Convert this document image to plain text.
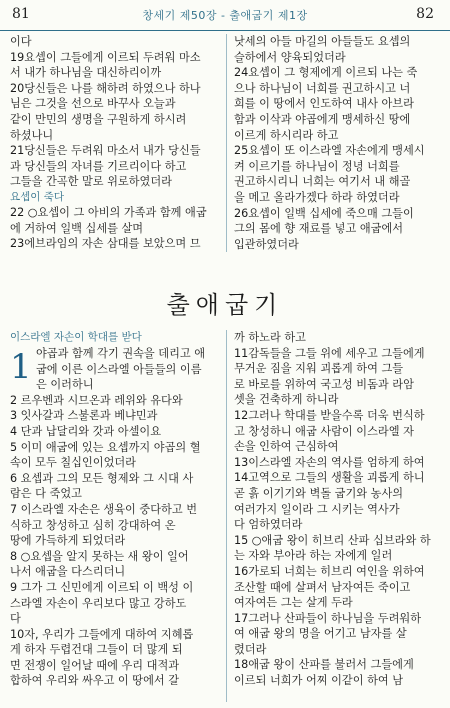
81	창세기 제50장 - 출애굽기 제1장	82
이다
19요셉이 그들에게 이르되 두려워 마소
서 내가 하나님을 대신하리이까
20당신들은 나를 해하려 하였으나 하나
님은 그것을 선으로 바꾸사 오늘과
같이 만민의 생명을 구원하게 하시려
하셨나니
21당신들은 두려워 마소서 내가 당신들
과 당신들의 자녀를 기르리이다 하고
그들을 간곡한 말로 위로하였더라
요셉이 죽다
22 ○요셉이 그 아비의 가족과 함께 애굽
에 거하여 일백 십세를 살며
23에브라임의 자손 삼대를 보았으며 므
낫세의 아들 마길의 아들들도 요셉의
슬하에서 양육되었더라
24요셉이 그 형제에게 이르되 나는 죽
으나 하나님이 너희를 권고하시고 너
희를 이 땅에서 인도하여 내사 아브라
함과 이삭과 야곱에게 맹세하신 땅에
이르게 하시리라 하고
25요셉이 또 이스라엘 자손에게 맹세시
켜 이르기를 하나님이 정녕 너희를
권고하시리니 너희는 여기서 내 해골
을 메고 올라가겠다 하라 하였더라
26요셉이 일백 십세에 죽으매 그들이
그의 몸에 향 재료를 넣고 애굽에서
입관하였더라
출애굽기
이스라엘 자손이 학대를 받다
1 야곱과 함께 각기 권속을 데리고 애
굽에 이른 이스라엘 아들들의 이름
은 이러하니
2 르우벤과 시므온과 레위와 유다와
3 잇사갈과 스불론과 베냐민과
4 단과 납달리와 갓과 아셀이요
5 이미 애굽에 있는 요셉까지 야곱의 혈
속이 모두 칠십인이었더라
6 요셉과 그의 모든 형제와 그 시대 사
람은 다 죽었고
7 이스라엘 자손은 생육이 중다하고 번
식하고 창성하고 심히 강대하여 온
땅에 가득하게 되었더라
8 ○요셉을 알지 못하는 새 왕이 일어
나서 애굽을 다스리더니
9 그가 그 신민에게 이르되 이 백성 이
스라엘 자손이 우리보다 많고 강하도
다
10자, 우리가 그들에게 대하여 지혜롭
게 하자 두렵건대 그들이 더 많게 되
면 전쟁이 일어날 때에 우리 대적과
합하여 우리와 싸우고 이 땅에서 갈
까 하노라 하고
11감독들을 그들 위에 세우고 그들에게
무거운 짐을 지워 괴롭게 하여 그들
로 바로를 위하여 국고성 비돔과 라암
셋을 건축하게 하니라
12그러나 학대를 받을수록 더욱 번식하
고 창성하니 애굽 사람이 이스라엘 자
손을 인하여 근심하여
13이스라엘 자손의 역사를 엄하게 하여
14고역으로 그들의 생활을 괴롭게 하니
곧 흙 이기기와 벽돌 굽기와 농사의
여러가지 일이라 그 시키는 역사가
다 엄하였더라
15 ○애굽 왕이 히브리 산파 십브라와 하
는 자와 부아라 하는 자에게 일러
16가로되 너희는 히브리 여인을 위하여
조산할 때에 살펴서 남자여든 죽이고
여자여든 그는 살게 두라
17그러나 산파들이 하나님을 두려워하
여 애굽 왕의 명을 어기고 남자를 살
렸더라
18애굽 왕이 산파를 불러서 그들에게
이르되 너희가 어찌 이같이 하여 남
